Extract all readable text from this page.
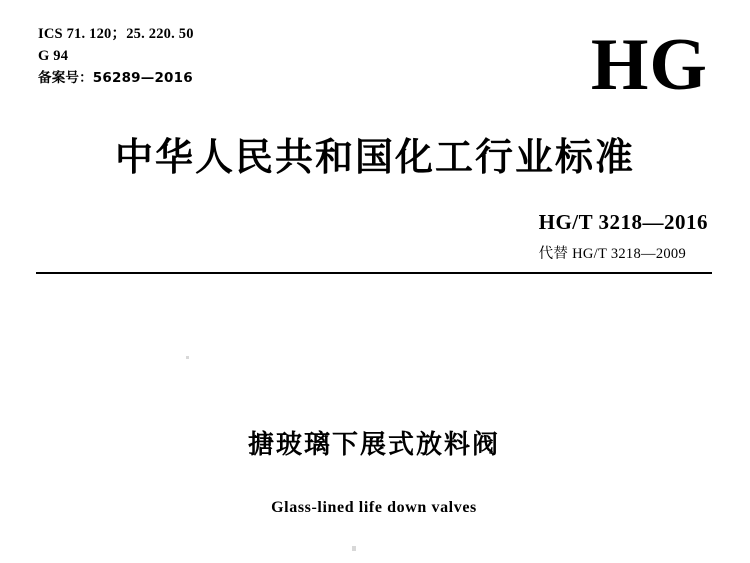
ICS 71. 120；25. 220. 50
G 94
备案号：56289—2016	HG
中华人民共和国化工行业标准
HG/T 3218—2016
代替 HG/T 3218—2009
搪玻璃下展式放料阀
Glass-lined life down valves
